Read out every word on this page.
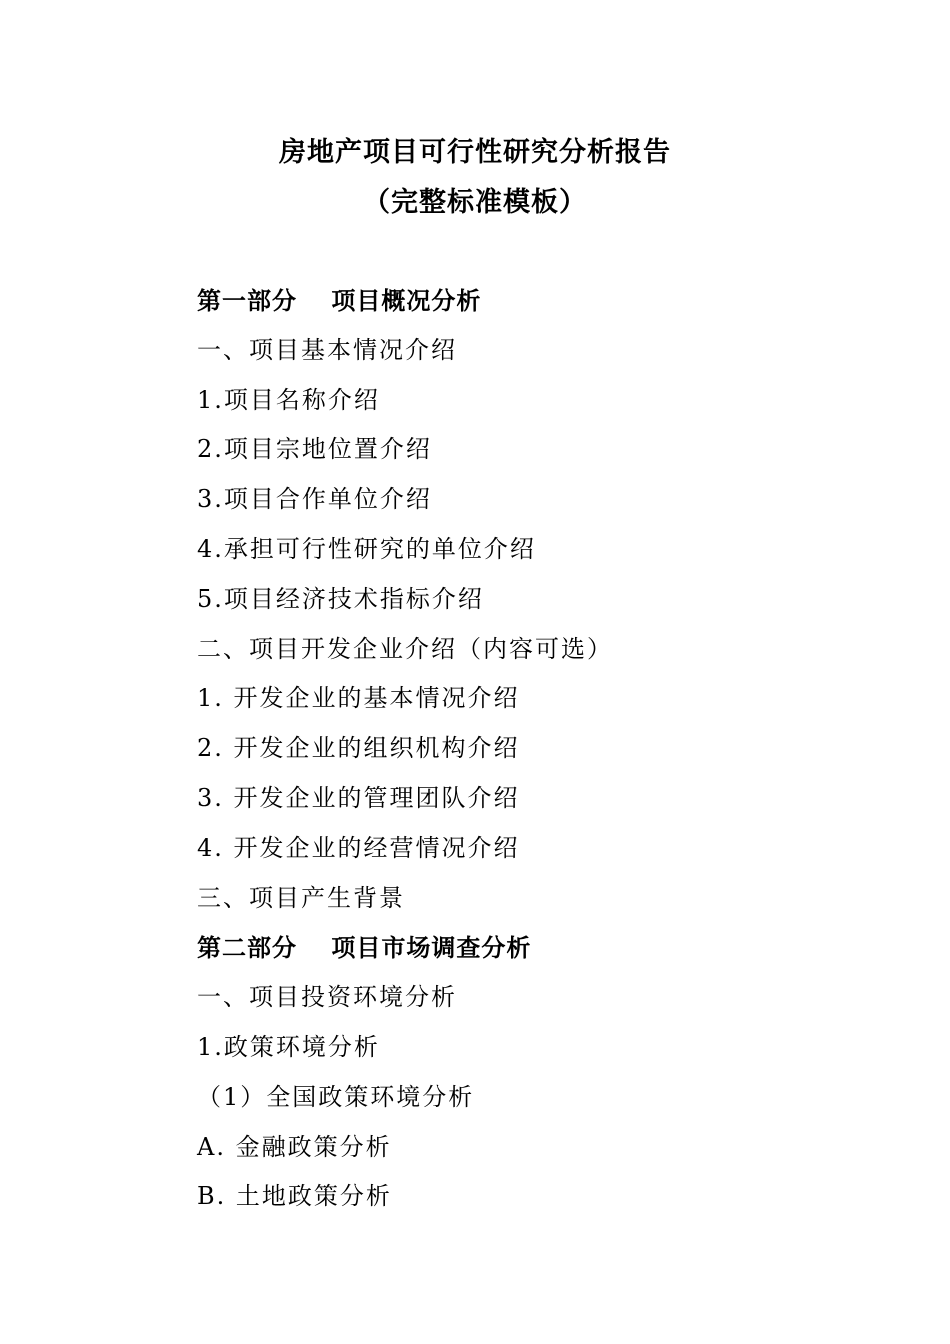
房地产项目可行性研究分析报告
（完整标准模板）
第一部分　 项目概况分析
一、项目基本情况介绍
1.项目名称介绍
2.项目宗地位置介绍
3.项目合作单位介绍
4.承担可行性研究的单位介绍
5.项目经济技术指标介绍
二、项目开发企业介绍（内容可选）
1. 开发企业的基本情况介绍
2. 开发企业的组织机构介绍
3. 开发企业的管理团队介绍
4. 开发企业的经营情况介绍
三、项目产生背景
第二部分　 项目市场调查分析
一、项目投资环境分析
1.政策环境分析
（1）全国政策环境分析
A. 金融政策分析
B. 土地政策分析
